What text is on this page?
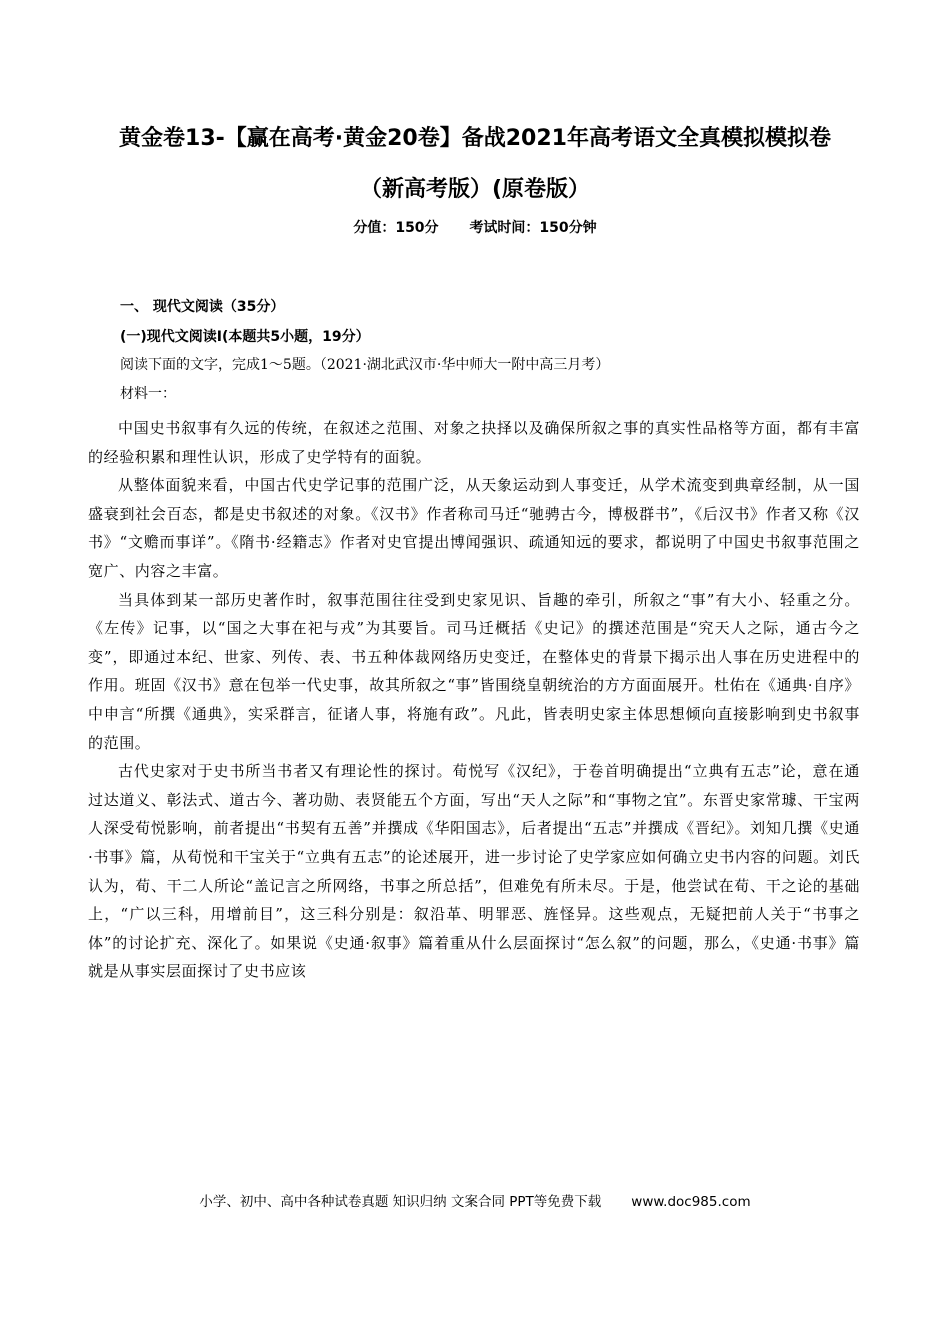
黄金卷13-【赢在高考·黄金20卷】备战2021年高考语文全真模拟模拟卷
（新高考版）(原卷版）
分值：150分 考试时间：150分钟
一、 现代文阅读（35分）
(一)现代文阅读Ⅰ(本题共5小题，19分）
阅读下面的文字，完成1～5题。（2021·湖北武汉市·华中师大一附中高三月考）
材料一：

中国史书叙事有久远的传统，在叙述之范围、对象之抉择以及确保所叙之事的真实性品格等方面，都有丰富的经验积累和理性认识，形成了史学特有的面貌。

从整体面貌来看，中国古代史学记事的范围广泛，从天象运动到人事变迁，从学术流变到典章经制，从一国盛衰到社会百态，都是史书叙述的对象。《汉书》作者称司马迁“驰骋古今，博极群书”，《后汉书》作者又称《汉书》“文赡而事详”。《隋书·经籍志》作者对史官提出博闻强识、疏通知远的要求，都说明了中国史书叙事范围之宽广、内容之丰富。

当具体到某一部历史著作时，叙事范围往往受到史家见识、旨趣的牵引，所叙之“事”有大小、轻重之分。《左传》记事，以“国之大事在祀与戎”为其要旨。司马迁概括《史记》的撰述范围是“究天人之际，通古今之变”，即通过本纪、世家、列传、表、书五种体裁网络历史变迁，在整体史的背景下揭示出人事在历史进程中的作用。班固《汉书》意在包举一代史事，故其所叙之“事”皆围绕皇朝统治的方方面面展开。杜佑在《通典·自序》中申言“所撰《通典》，实采群言，征诸人事，将施有政”。凡此，皆表明史家主体思想倾向直接影响到史书叙事的范围。

古代史家对于史书所当书者又有理论性的探讨。荀悦写《汉纪》，于卷首明确提出“立典有五志”论，意在通过达道义、彰法式、道古今、著功勋、表贤能五个方面，写出“天人之际”和“事物之宜”。东晋史家常璩、干宝两人深受荀悦影响，前者提出“书契有五善”并撰成《华阳国志》，后者提出“五志”并撰成《晋纪》。刘知几撰《史通·书事》篇，从荀悦和干宝关于“立典有五志”的论述展开，进一步讨论了史学家应如何确立史书内容的问题。刘氏认为，荀、干二人所论“盖记言之所网络，书事之所总括”，但难免有所未尽。于是，他尝试在荀、干之论的基础上，“广以三科，用增前目”，这三科分别是：叙沿革、明罪恶、旌怪异。这些观点，无疑把前人关于“书事之体”的讨论扩充、深化了。如果说《史通·叙事》篇着重从什么层面探讨“怎么叙”的问题，那么，《史通·书事》篇就是从事实层面探讨了史书应该

小学、初中、高中各种试卷真题 知识归纳 文案合同 PPT等免费下载 www.doc985.com
